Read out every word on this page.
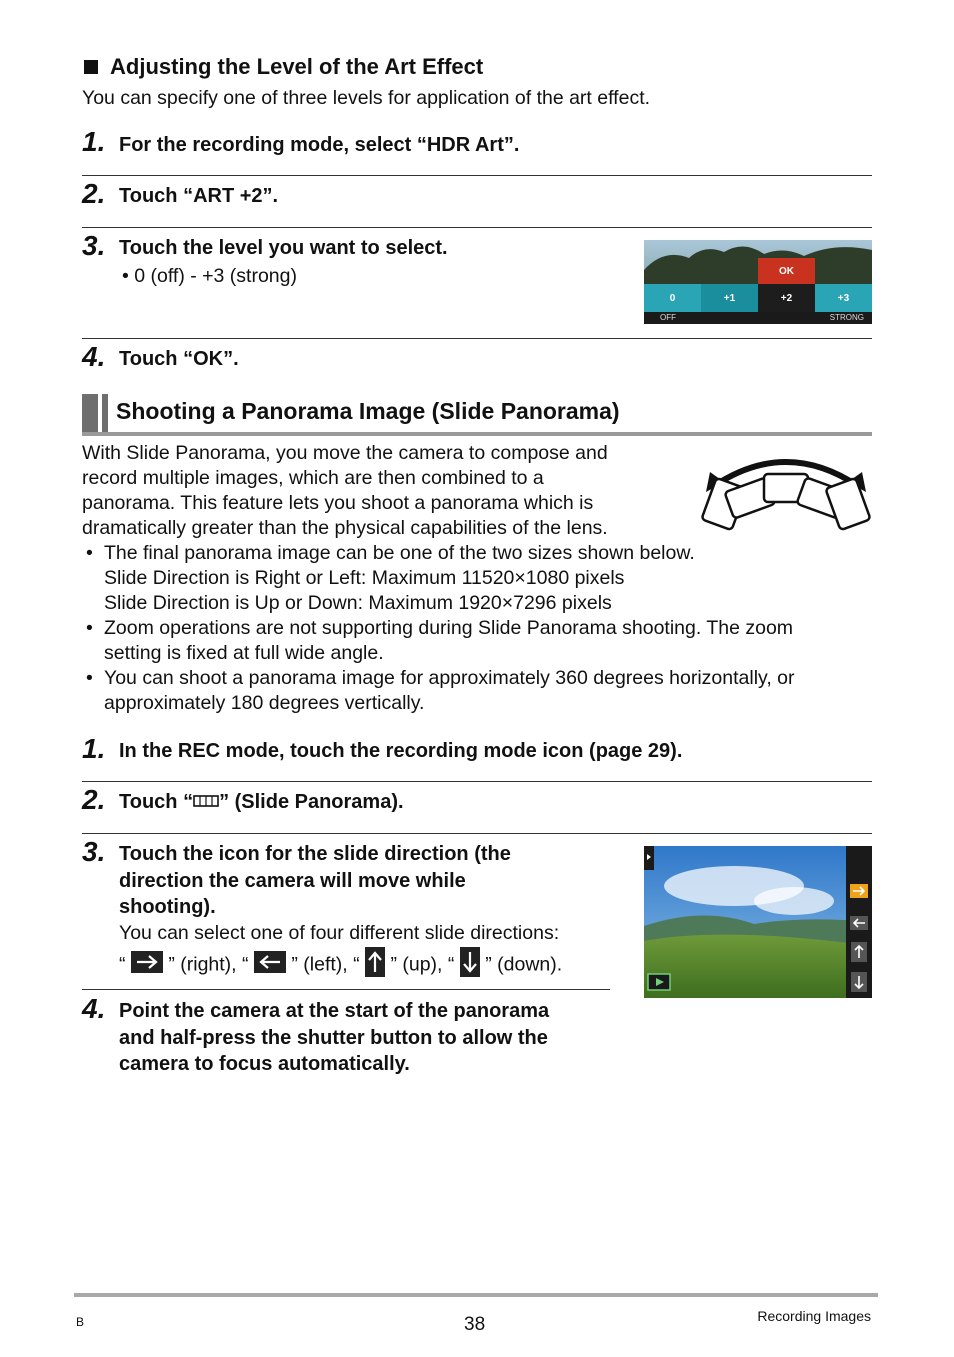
Adjusting the Level of the Art Effect
You can specify one of three levels for application of the art effect.
1. For the recording mode, select “HDR Art”.
2. Touch “ART +2”.
3. Touch the level you want to select.
• 0 (off) - +3 (strong)	OK
0	+1	+2	+3
OFF	STRONG
4. Touch “OK”.
Shooting a Panorama Image (Slide Panorama)
With Slide Panorama, you move the camera to compose and
record multiple images, which are then combined to a
panorama. This feature lets you shoot a panorama which is
dramatically greater than the physical capabilities of the lens.
• The final panorama image can be one of the two sizes shown below.
Slide Direction is Right or Left: Maximum 11520×1080 pixels
Slide Direction is Up or Down: Maximum 1920×7296 pixels
• Zoom operations are not supporting during Slide Panorama shooting. The zoom
setting is fixed at full wide angle.
• You can shoot a panorama image for approximately 360 degrees horizontally, or
approximately 180 degrees vertically.
1. In the REC mode, touch the recording mode icon (page 29).
2. Touch “ ” (Slide Panorama).
3. Touch the icon for the slide direction (the
direction the camera will move while
shooting).
You can select one of four different slide directions:
“ ” (right), “ ” (left), “ ” (up), “ ” (down).
4. Point the camera at the start of the panorama
and half-press the shutter button to allow the
camera to focus automatically.
B	38	Recording Images
